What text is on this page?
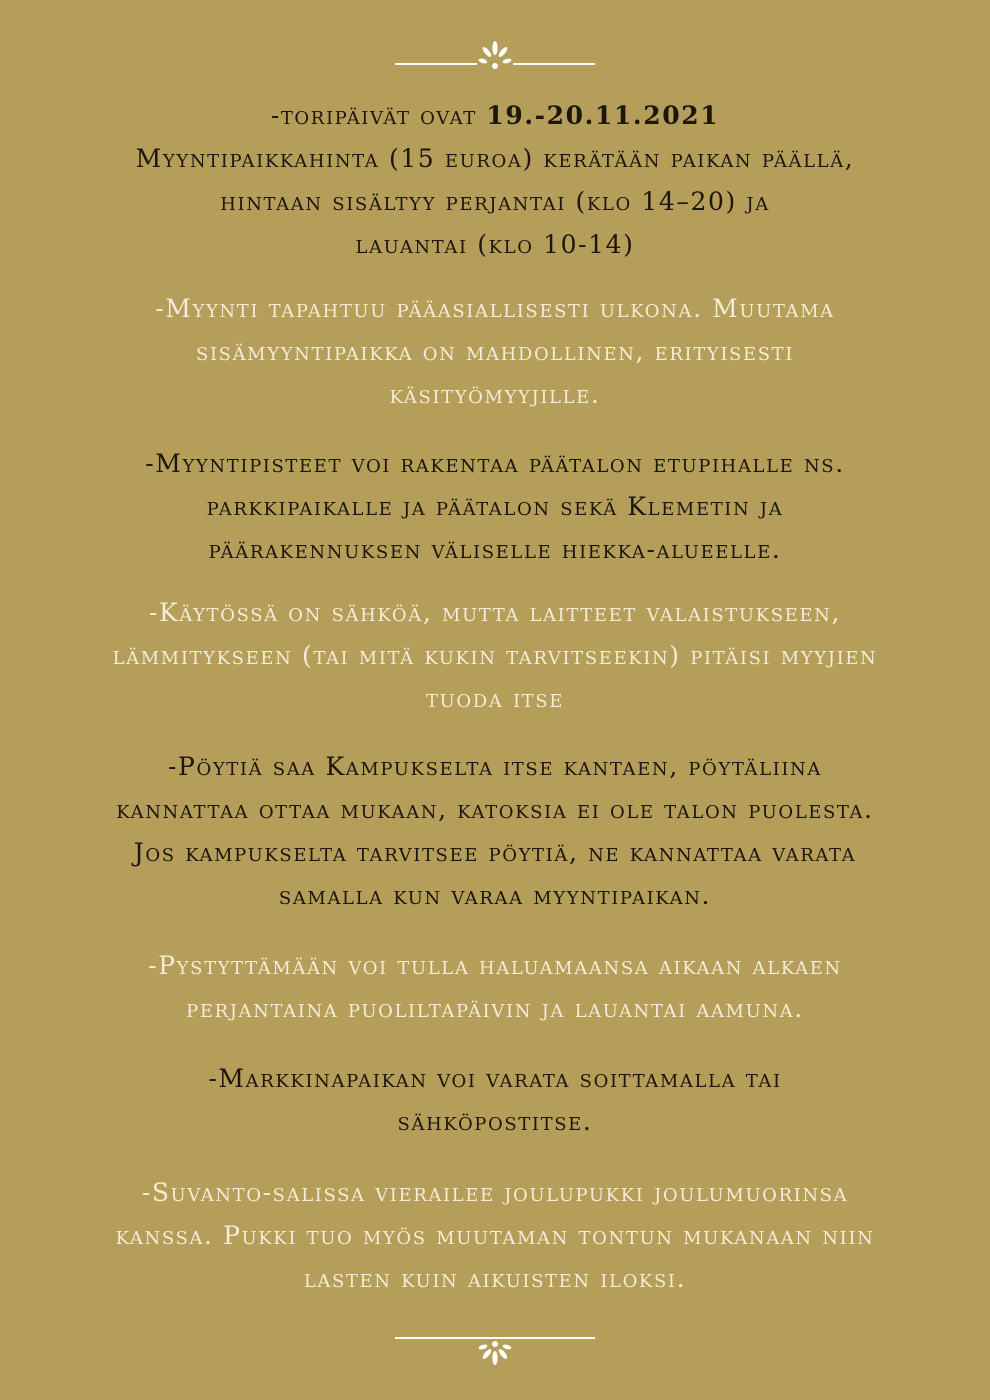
-toripäivät ovat 19.-20.11.2021
Myyntipaikkahinta (15 euroa) kerätään paikan päällä,
hintaan sisältyy perjantai (klo 14–20) ja
lauantai (klo 10-14)
-Myynti tapahtuu pääasiallisesti ulkona. Muutama
sisämyyntipaikka on mahdollinen, erityisesti
käsityömyyjille.
-Myyntipisteet voi rakentaa päätalon etupihalle ns.
parkkipaikalle ja päätalon sekä Klemetin ja
päärakennuksen väliselle hiekka-alueelle.
-Käytössä on sähköä, mutta laitteet valaistukseen,
lämmitykseen (tai mitä kukin tarvitseekin) pitäisi myyjien
tuoda itse
-Pöytiä saa Kampukselta itse kantaen, pöytäliina
kannattaa ottaa mukaan, katoksia ei ole talon puolesta.
Jos kampukselta tarvitsee pöytiä, ne kannattaa varata
samalla kun varaa myyntipaikan.
-Pystyttämään voi tulla haluamaansa aikaan alkaen
perjantaina puoliltapäivin ja lauantai aamuna.
-Markkinapaikan voi varata soittamalla tai
sähköpostitse.
-Suvanto-salissa vierailee joulupukki joulumuorinsa
kanssa. Pukki tuo myös muutaman tontun mukanaan niin
lasten kuin aikuisten iloksi.
